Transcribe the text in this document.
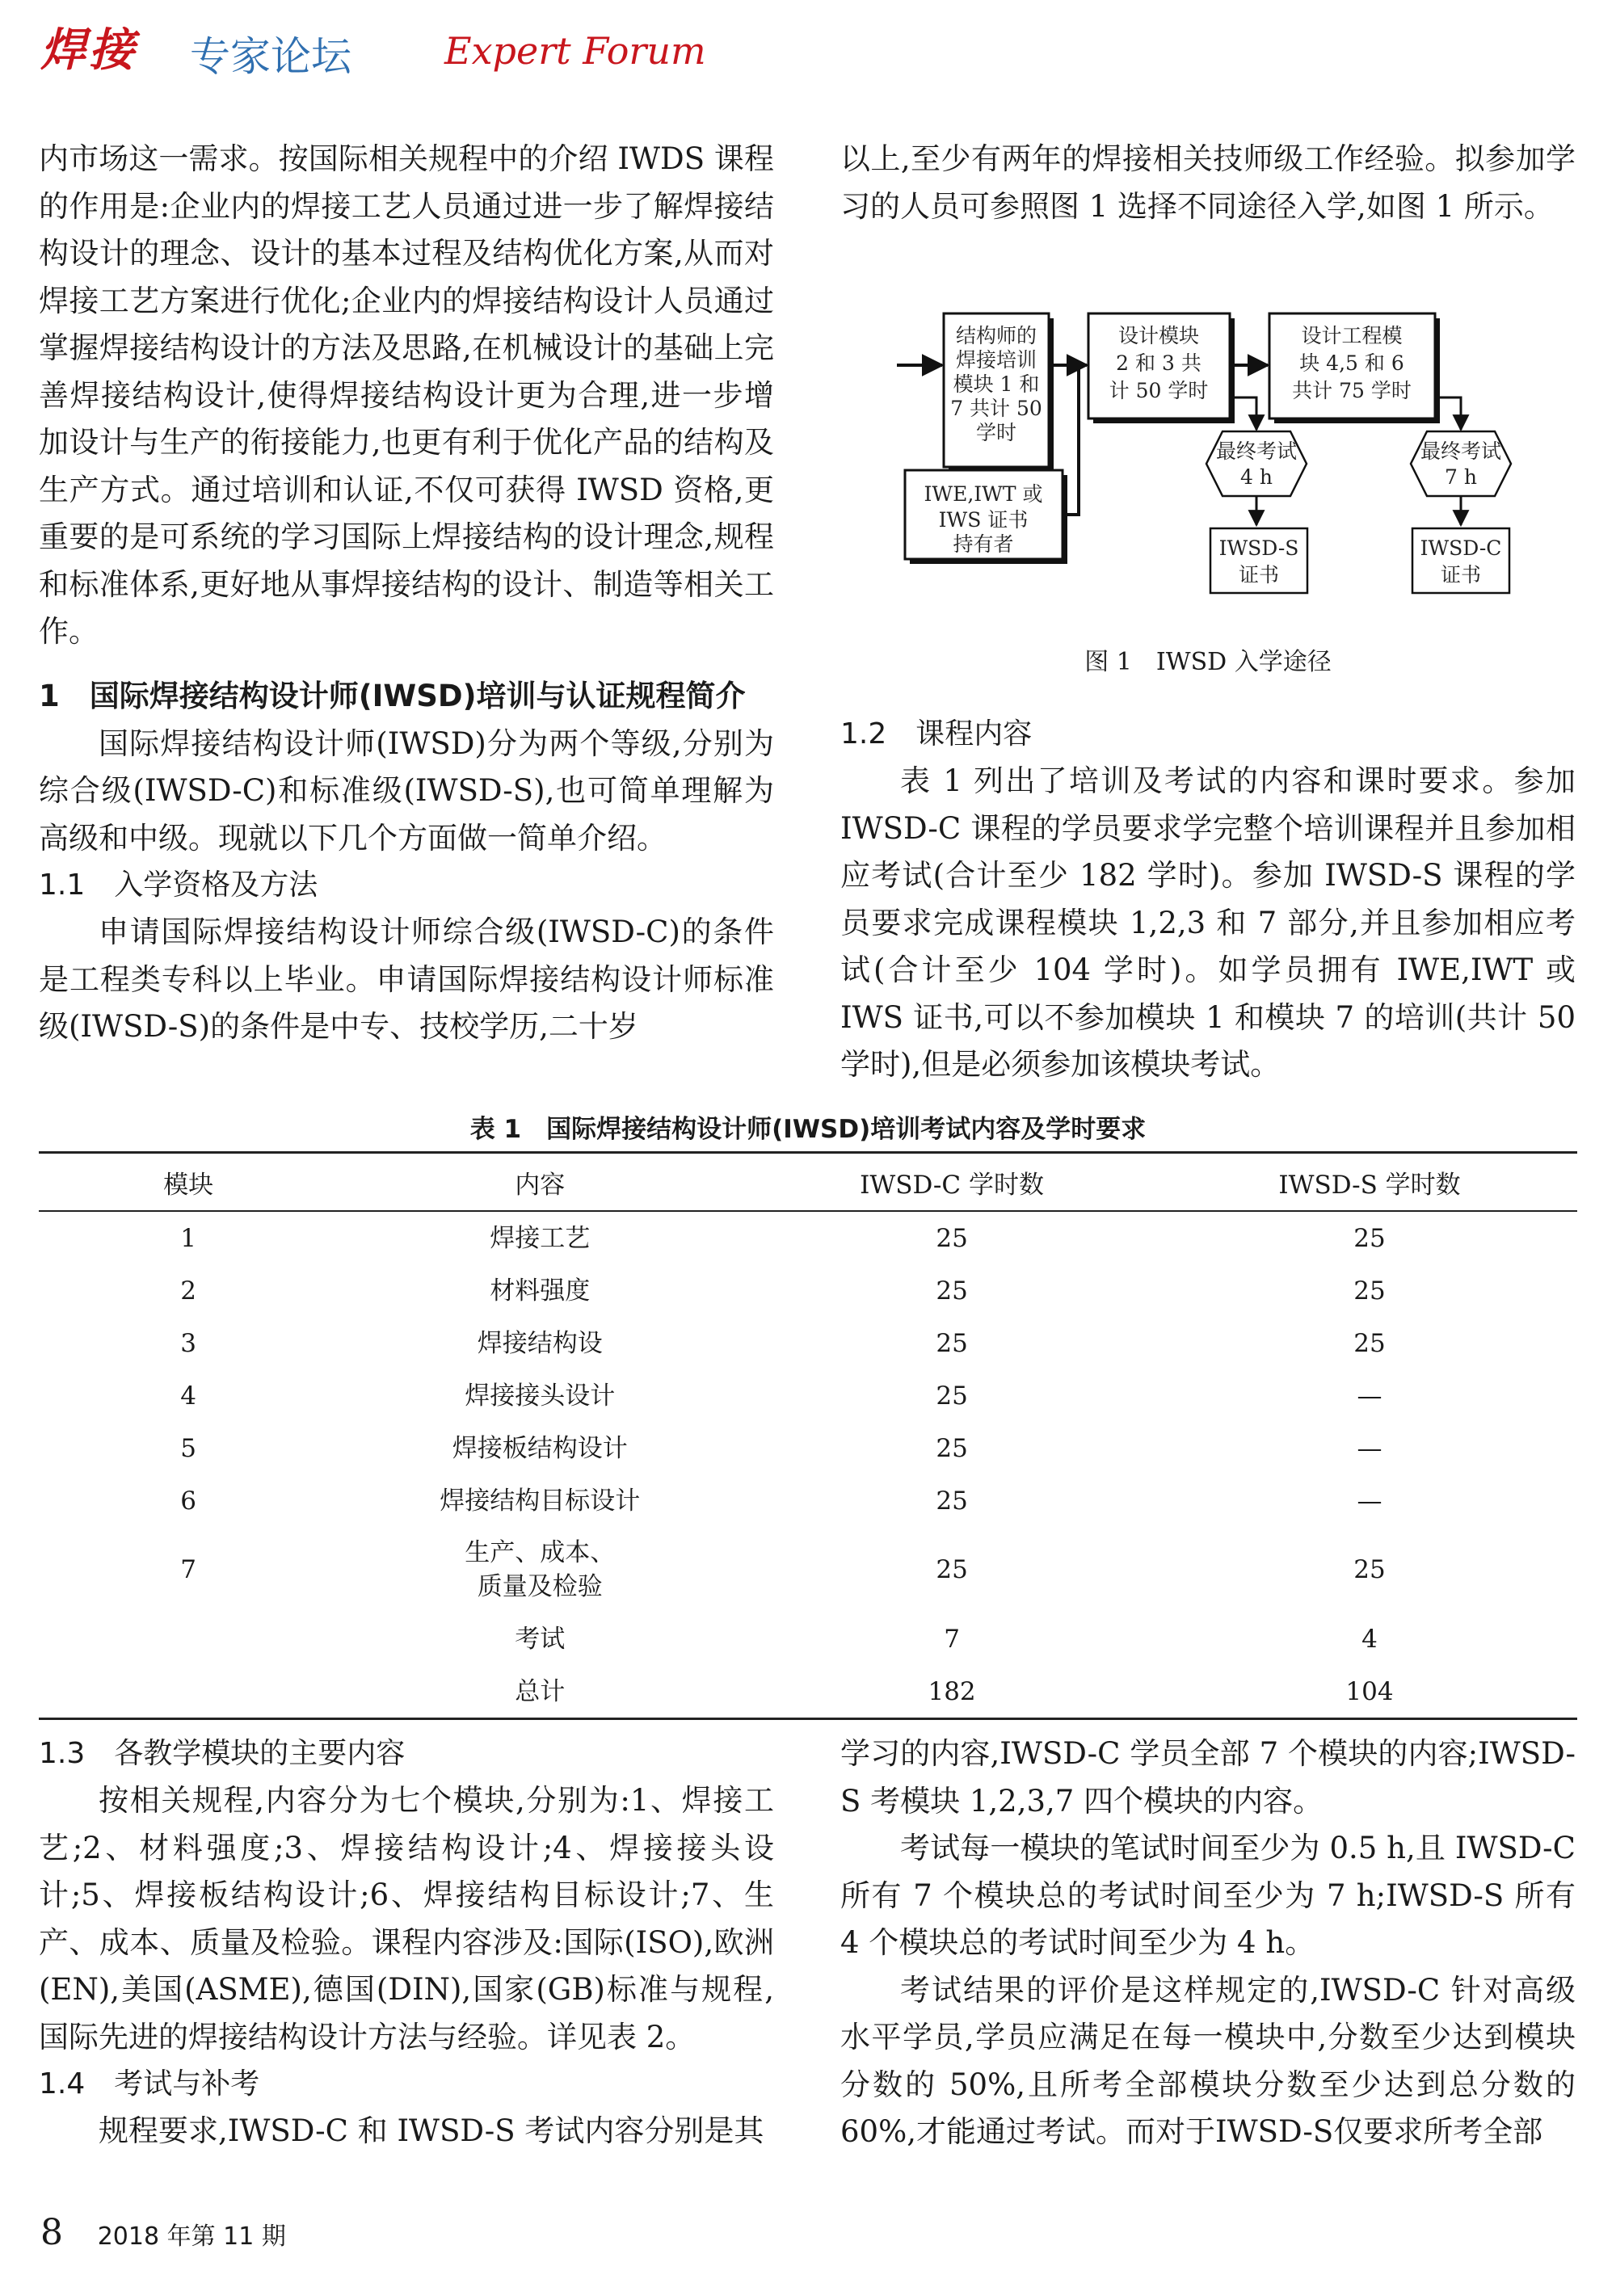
焊接 专家论坛	Expert Forum

内市场这一需求。按国际相关规程中的介绍 IWDS 课程的作用是:企业内的焊接工艺人员通过进一步了解焊接结构设计的理念、设计的基本过程及结构优化方案,从而对焊接工艺方案进行优化;企业内的焊接结构设计人员通过掌握焊接结构设计的方法及思路,在机械设计的基础上完善焊接结构设计,使得焊接结构设计更为合理,进一步增加设计与生产的衔接能力,也更有利于优化产品的结构及生产方式。通过培训和认证,不仅可获得 IWSD 资格,更重要的是可系统的学习国际上焊接结构的设计理念,规程和标准体系,更好地从事焊接结构的设计、制造等相关工作。

1　国际焊接结构设计师(IWSD)培训与认证规程简介

国际焊接结构设计师(IWSD)分为两个等级,分别为综合级(IWSD-C)和标准级(IWSD-S),也可简单理解为高级和中级。现就以下几个方面做一简单介绍。

1.1　入学资格及方法

申请国际焊接结构设计师综合级(IWSD-C)的条件是工程类专科以上毕业。申请国际焊接结构设计师标准级(IWSD-S)的条件是中专、技校学历,二十岁

以上,至少有两年的焊接相关技师级工作经验。拟参加学习的人员可参照图 1 选择不同途径入学,如图 1 所示。

结构师的
焊接培训
模块 1 和
7 共计 50
学时
设计模块
2 和 3 共
计 50 学时
设计工程模
块 4,5 和 6
共计 75 学时
IWE,IWT 或
IWS 证书
持有者
最终考试
4 h
最终考试
7 h
IWSD-S
证书
IWSD-C
证书
图 1　IWSD 入学途径
1.2　课程内容

表 1 列出了培训及考试的内容和课时要求。参加 IWSD-C 课程的学员要求学完整个培训课程并且参加相应考试(合计至少 182 学时)。参加 IWSD-S 课程的学员要求完成课程模块 1,2,3 和 7 部分,并且参加相应考试(合计至少 104 学时)。如学员拥有 IWE,IWT 或 IWS 证书,可以不参加模块 1 和模块 7 的培训(共计 50 学时),但是必须参加该模块考试。

表 1　国际焊接结构设计师(IWSD)培训考试内容及学时要求
模块	内容	IWSD-C 学时数	IWSD-S 学时数
1	焊接工艺	25	25
2	材料强度	25	25
3	焊接结构设	25	25
4	焊接接头设计	25	—
5	焊接板结构设计	25	—
6	焊接结构目标设计	25	—
7	生产、成本、
质量及检验	25	25
	考试	7	4
	总计	182	104
1.3　各教学模块的主要内容

按相关规程,内容分为七个模块,分别为:1、焊接工艺;2、材料强度;3、焊接结构设计;4、焊接接头设计;5、焊接板结构设计;6、焊接结构目标设计;7、生产、成本、质量及检验。课程内容涉及:国际(ISO),欧洲(EN),美国(ASME),德国(DIN),国家(GB)标准与规程,国际先进的焊接结构设计方法与经验。详见表 2。

1.4　考试与补考

规程要求,IWSD-C 和 IWSD-S 考试内容分别是其

学习的内容,IWSD-C 学员全部 7 个模块的内容;IWSD-S 考模块 1,2,3,7 四个模块的内容。

考试每一模块的笔试时间至少为 0.5 h,且 IWSD-C 所有 7 个模块总的考试时间至少为 7 h;IWSD-S 所有 4 个模块总的考试时间至少为 4 h。

考试结果的评价是这样规定的,IWSD-C 针对高级水平学员,学员应满足在每一模块中,分数至少达到模块分数的 50%,且所考全部模块分数至少达到总分数的 60%,才能通过考试。而对于IWSD-S仅要求所考全部

8 2018 年第 11 期
